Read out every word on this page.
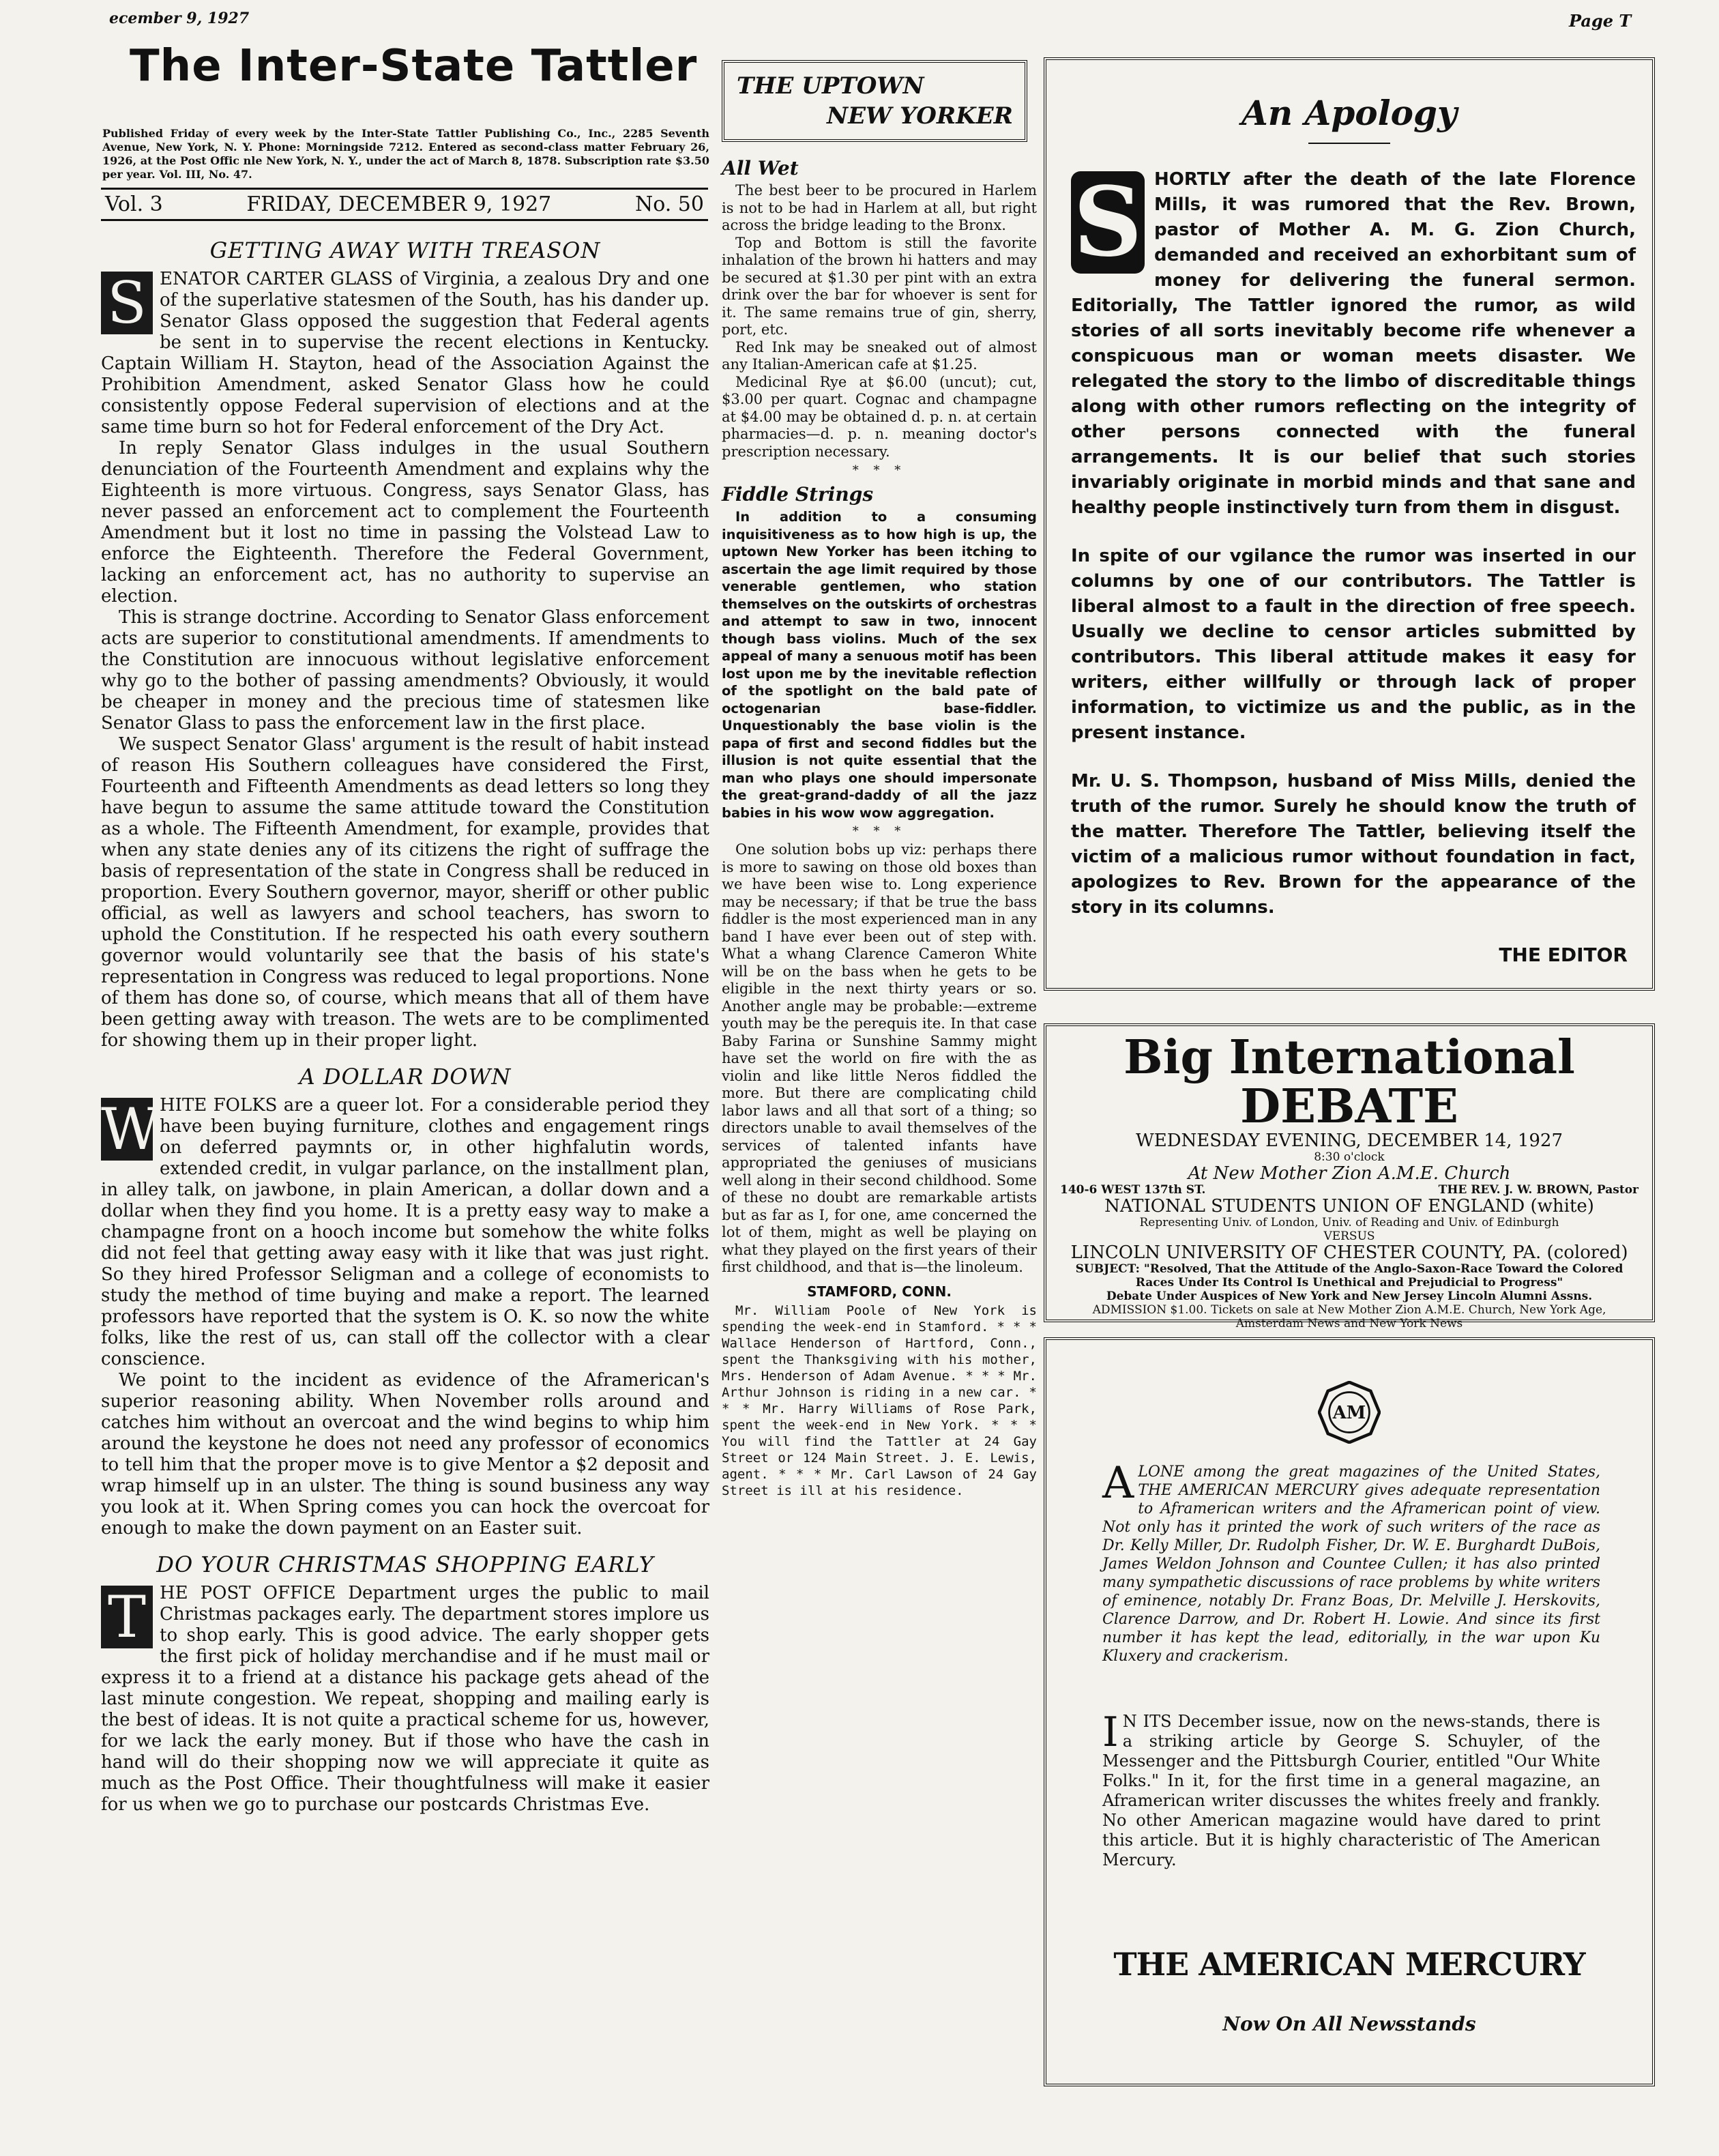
ecember 9, 1927	Page T
The Inter-State Tattler
Published Friday of every week by the Inter-State Tattler Publishing Co., Inc., 2285 Seventh Avenue, New York, N. Y. Phone: Morningside 7212. Entered as second-class matter February 26, 1926, at the Post Offic nle New York, N. Y., under the act of March 8, 1878. Subscription rate $3.50 per year. Vol. III, No. 47.
Vol. 3	FRIDAY, DECEMBER 9, 1927	No. 50
GETTING AWAY WITH TREASON
S ENATOR CARTER GLASS of Virginia, a zealous Dry and one of the superlative statesmen of the South, has his dander up. Senator Glass opposed the suggestion that Federal agents be sent in to supervise the recent elections in Kentucky. Captain William H. Stayton, head of the Association Against the Prohibition Amendment, asked Senator Glass how he could consistently oppose Federal supervision of elections and at the same time burn so hot for Federal enforcement of the Dry Act.

In reply Senator Glass indulges in the usual Southern denunciation of the Fourteenth Amendment and explains why the Eighteenth is more virtuous. Congress, says Senator Glass, has never passed an enforcement act to complement the Fourteenth Amendment but it lost no time in passing the Volstead Law to enforce the Eighteenth. Therefore the Federal Government, lacking an enforcement act, has no authority to supervise an election.

This is strange doctrine. According to Senator Glass enforcement acts are superior to constitutional amendments. If amendments to the Constitution are innocuous without legislative enforcement why go to the bother of passing amendments? Obviously, it would be cheaper in money and the precious time of statesmen like Senator Glass to pass the enforcement law in the first place.

We suspect Senator Glass' argument is the result of habit instead of reason His Southern colleagues have considered the First, Fourteenth and Fifteenth Amendments as dead letters so long they have begun to assume the same attitude toward the Constitution as a whole. The Fifteenth Amendment, for example, provides that when any state denies any of its citizens the right of suffrage the basis of representation of the state in Congress shall be reduced in proportion. Every Southern governor, mayor, sheriff or other public official, as well as lawyers and school teachers, has sworn to uphold the Constitution. If he respected his oath every southern governor would voluntarily see that the basis of his state's representation in Congress was reduced to legal proportions. None of them has done so, of course, which means that all of them have been getting away with treason. The wets are to be complimented for showing them up in their proper light.

A DOLLAR DOWN
W HITE FOLKS are a queer lot. For a considerable period they have been buying furniture, clothes and engagement rings on deferred paymnts or, in other highfalutin words, extended credit, in vulgar parlance, on the installment plan, in alley talk, on jawbone, in plain American, a dollar down and a dollar when they find you home. It is a pretty easy way to make a champagne front on a hooch income but somehow the white folks did not feel that getting away easy with it like that was just right. So they hired Professor Seligman and a college of economists to study the method of time buying and make a report. The learned professors have reported that the system is O. K. so now the white folks, like the rest of us, can stall off the collector with a clear conscience.

We point to the incident as evidence of the Aframerican's superior reasoning ability. When November rolls around and catches him without an overcoat and the wind begins to whip him around the keystone he does not need any professor of economics to tell him that the proper move is to give Mentor a $2 deposit and wrap himself up in an ulster. The thing is sound business any way you look at it. When Spring comes you can hock the overcoat for enough to make the down payment on an Easter suit.

DO YOUR CHRISTMAS SHOPPING EARLY
T HE POST OFFICE Department urges the public to mail Christmas packages early. The department stores implore us to shop early. This is good advice. The early shopper gets the first pick of holiday merchandise and if he must mail or express it to a friend at a distance his package gets ahead of the last minute congestion. We repeat, shopping and mailing early is the best of ideas. It is not quite a practical scheme for us, however, for we lack the early money. But if those who have the cash in hand will do their shopping now we will appreciate it quite as much as the Post Office. Their thoughtfulness will make it easier for us when we go to purchase our postcards Christmas Eve.

THE UPTOWN
NEW YORKER
All Wet

The best beer to be procured in Harlem is not to be had in Harlem at all, but right across the bridge leading to the Bronx.

Top and Bottom is still the favorite inhalation of the brown hi hatters and may be secured at $1.30 per pint with an extra drink over the bar for whoever is sent for it. The same remains true of gin, sherry, port, etc.

Red Ink may be sneaked out of almost any Italian-American cafe at $1.25.

Medicinal Rye at $6.00 (uncut); cut, $3.00 per quart. Cognac and champagne at $4.00 may be obtained d. p. n. at certain pharmacies—d. p. n. meaning doctor's prescription necessary.

* * *
Fiddle Strings

In addition to a consuming inquisitiveness as to how high is up, the uptown New Yorker has been itching to ascertain the age limit required by those venerable gentlemen, who station themselves on the outskirts of orchestras and attempt to saw in two, innocent though bass violins. Much of the sex appeal of many a senuous motif has been lost upon me by the inevitable reflection of the spotlight on the bald pate of octogenarian base-fiddler. Unquestionably the base violin is the papa of first and second fiddles but the illusion is not quite essential that the man who plays one should impersonate the great-grand-daddy of all the jazz babies in his wow wow aggregation.

* * *

One solution bobs up viz: perhaps there is more to sawing on those old boxes than we have been wise to. Long experience may be necessary; if that be true the bass fiddler is the most experienced man in any band I have ever been out of step with. What a whang Clarence Cameron White will be on the bass when he gets to be eligible in the next thirty years or so. Another angle may be probable:—extreme youth may be the perequis ite. In that case Baby Farina or Sunshine Sammy might have set the world on fire with the as violin and like little Neros fiddled the more. But there are complicating child labor laws and all that sort of a thing; so directors unable to avail themselves of the services of talented infants have appropriated the geniuses of musicians well along in their second childhood. Some of these no doubt are remarkable artists but as far as I, for one, ame concerned the lot of them, might as well be playing on what they played on the first years of their first childhood, and that is—the linoleum.

STAMFORD, CONN.

Mr. William Poole of New York is spending the week-end in Stamford. * * * Wallace Henderson of Hartford, Conn., spent the Thanksgiving with his mother, Mrs. Henderson of Adam Avenue. * * * Mr. Arthur Johnson is riding in a new car. * * * Mr. Harry Williams of Rose Park, spent the week-end in New York. * * * You will find the Tattler at 24 Gay Street or 124 Main Street. J. E. Lewis, agent. * * * Mr. Carl Lawson of 24 Gay Street is ill at his residence.

An Apology
S HORTLY after the death of the late Florence Mills, it was rumored that the Rev. Brown, pastor of Mother A. M. G. Zion Church, demanded and received an exhorbitant sum of money for delivering the funeral sermon. Editorially, The Tattler ignored the rumor, as wild stories of all sorts inevitably become rife whenever a conspicuous man or woman meets disaster. We relegated the story to the limbo of discreditable things along with other rumors reflecting on the integrity of other persons connected with the funeral arrangements. It is our belief that such stories invariably originate in morbid minds and that sane and healthy people instinctively turn from them in disgust.

In spite of our vgilance the rumor was inserted in our columns by one of our contributors. The Tattler is liberal almost to a fault in the direction of free speech. Usually we decline to censor articles submitted by contributors. This liberal attitude makes it easy for writers, either willfully or through lack of proper information, to victimize us and the public, as in the present instance.

Mr. U. S. Thompson, husband of Miss Mills, denied the truth of the rumor. Surely he should know the truth of the matter. Therefore The Tattler, believing itself the victim of a malicious rumor without foundation in fact, apologizes to Rev. Brown for the appearance of the story in its columns.

THE EDITOR
Big International DEBATE
WEDNESDAY EVENING, DECEMBER 14, 1927
8:30 o'clock
At New Mother Zion A.M.E. Church
140-6 WEST 137th ST.	THE REV. J. W. BROWN, Pastor
NATIONAL STUDENTS UNION OF ENGLAND (white)
Representing Univ. of London, Univ. of Reading and Univ. of Edinburgh
VERSUS
LINCOLN UNIVERSITY OF CHESTER COUNTY, PA. (colored)
SUBJECT: "Resolved, That the Attitude of the Anglo-Saxon-Race Toward the Colored Races Under Its Control Is Unethical and Prejudicial to Progress"
Debate Under Auspices of New York and New Jersey Lincoln Alumni Assns.
ADMISSION $1.00. Tickets on sale at New Mother Zion A.M.E. Church, New York Age, Amsterdam News and New York News
AM
A LONE among the great magazines of the United States, THE AMERICAN MERCURY gives adequate representation to Aframerican writers and the Aframerican point of view. Not only has it printed the work of such writers of the race as Dr. Kelly Miller, Dr. Rudolph Fisher, Dr. W. E. Burghardt DuBois, James Weldon Johnson and Countee Cullen; it has also printed many sympathetic discussions of race problems by white writers of eminence, notably Dr. Franz Boas, Dr. Melville J. Herskovits, Clarence Darrow, and Dr. Robert H. Lowie. And since its first number it has kept the lead, editorially, in the war upon Ku Kluxery and crackerism.
I N ITS December issue, now on the news-stands, there is a striking article by George S. Schuyler, of the Messenger and the Pittsburgh Courier, entitled "Our White Folks." In it, for the first time in a general magazine, an Aframerican writer discusses the whites freely and frankly. No other American magazine would have dared to print this article. But it is highly characteristic of The American Mercury.
THE AMERICAN MERCURY
Now On All Newsstands
